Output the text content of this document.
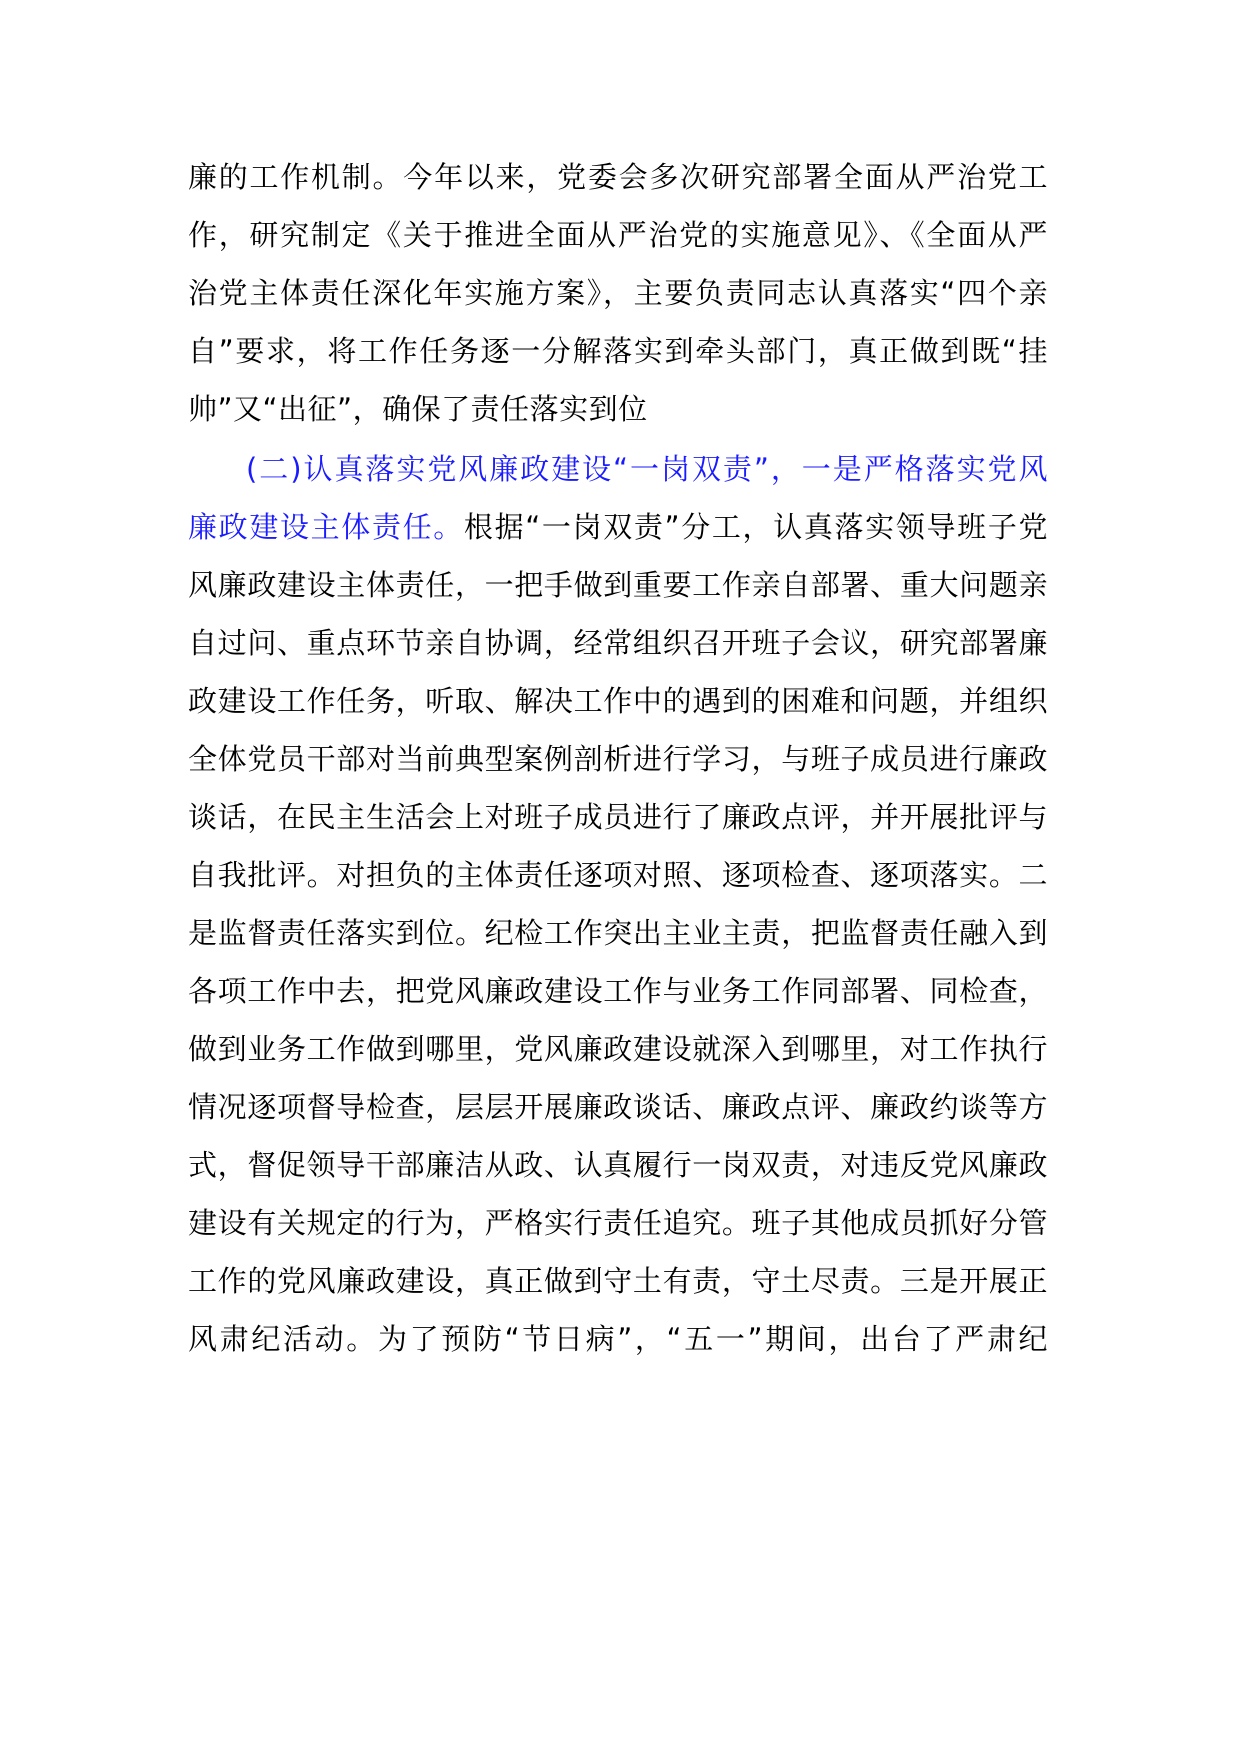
廉的工作机制。今年以来，党委会多次研究部署全面从严治党工
作，研究制定《关于推进全面从严治党的实施意见》、《全面从严
治党主体责任深化年实施方案》，主要负责同志认真落实“四个亲
自”要求，将工作任务逐一分解落实到牵头部门，真正做到既“挂
帅”又“出征”，确保了责任落实到位
(二)认真落实党风廉政建设“一岗双责”，一是严格落实党风
廉政建设主体责任。根据“一岗双责”分工，认真落实领导班子党
风廉政建设主体责任，一把手做到重要工作亲自部署、重大问题亲
自过问、重点环节亲自协调，经常组织召开班子会议，研究部署廉
政建设工作任务，听取、解决工作中的遇到的困难和问题，并组织
全体党员干部对当前典型案例剖析进行学习，与班子成员进行廉政
谈话，在民主生活会上对班子成员进行了廉政点评，并开展批评与
自我批评。对担负的主体责任逐项对照、逐项检查、逐项落实。二
是监督责任落实到位。纪检工作突出主业主责，把监督责任融入到
各项工作中去，把党风廉政建设工作与业务工作同部署、同检查，
做到业务工作做到哪里，党风廉政建设就深入到哪里，对工作执行
情况逐项督导检查，层层开展廉政谈话、廉政点评、廉政约谈等方
式，督促领导干部廉洁从政、认真履行一岗双责，对违反党风廉政
建设有关规定的行为，严格实行责任追究。班子其他成员抓好分管
工作的党风廉政建设，真正做到守土有责，守土尽责。三是开展正
风肃纪活动。为了预防“节日病”，“五一”期间，出台了严肃纪
